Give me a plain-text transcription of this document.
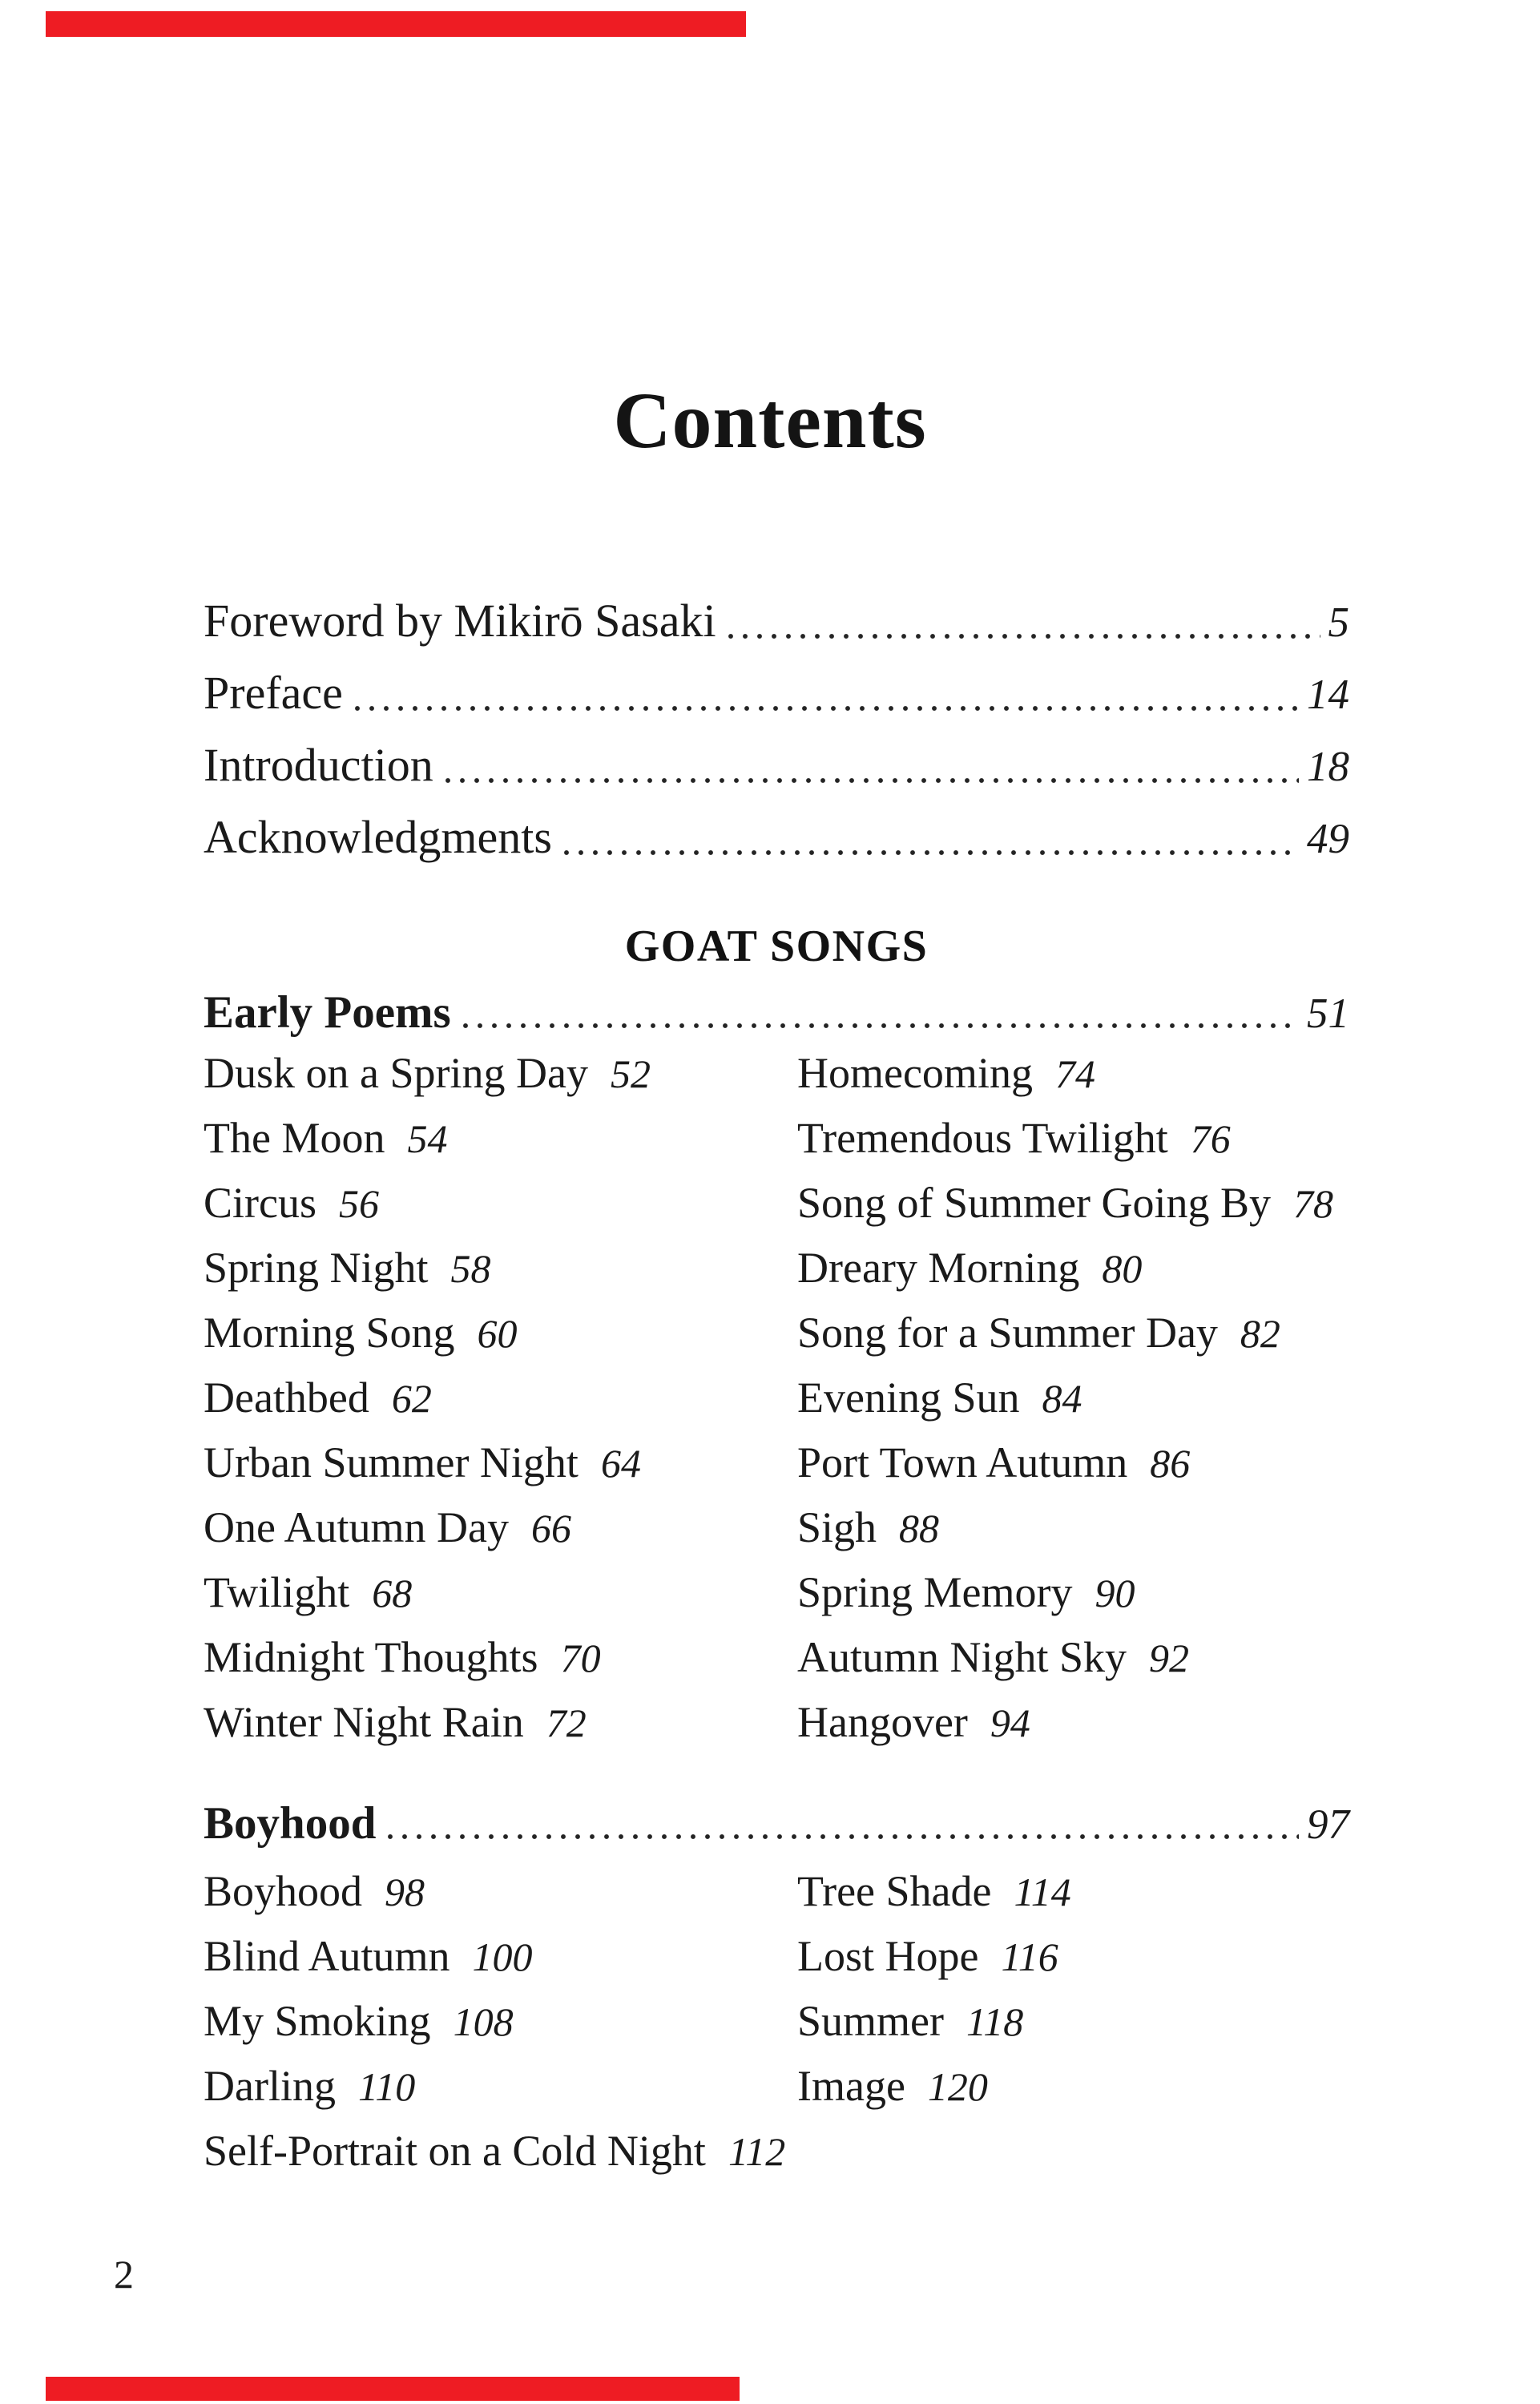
Contents
Foreword by Mikirō Sasaki	5
Preface	14
Introduction	18
Acknowledgments	49
GOAT SONGS
Early Poems	51
Dusk on a Spring Day 52
The Moon 54
Circus 56
Spring Night 58
Morning Song 60
Deathbed 62
Urban Summer Night 64
One Autumn Day 66
Twilight 68
Midnight Thoughts 70
Winter Night Rain 72
Homecoming 74
Tremendous Twilight 76
Song of Summer Going By 78
Dreary Morning 80
Song for a Summer Day 82
Evening Sun 84
Port Town Autumn 86
Sigh 88
Spring Memory 90
Autumn Night Sky 92
Hangover 94
Boyhood	97
Boyhood 98
Blind Autumn 100
My Smoking 108
Darling 110
Self-Portrait on a Cold Night 112
Tree Shade 114
Lost Hope 116
Summer 118
Image 120
2
